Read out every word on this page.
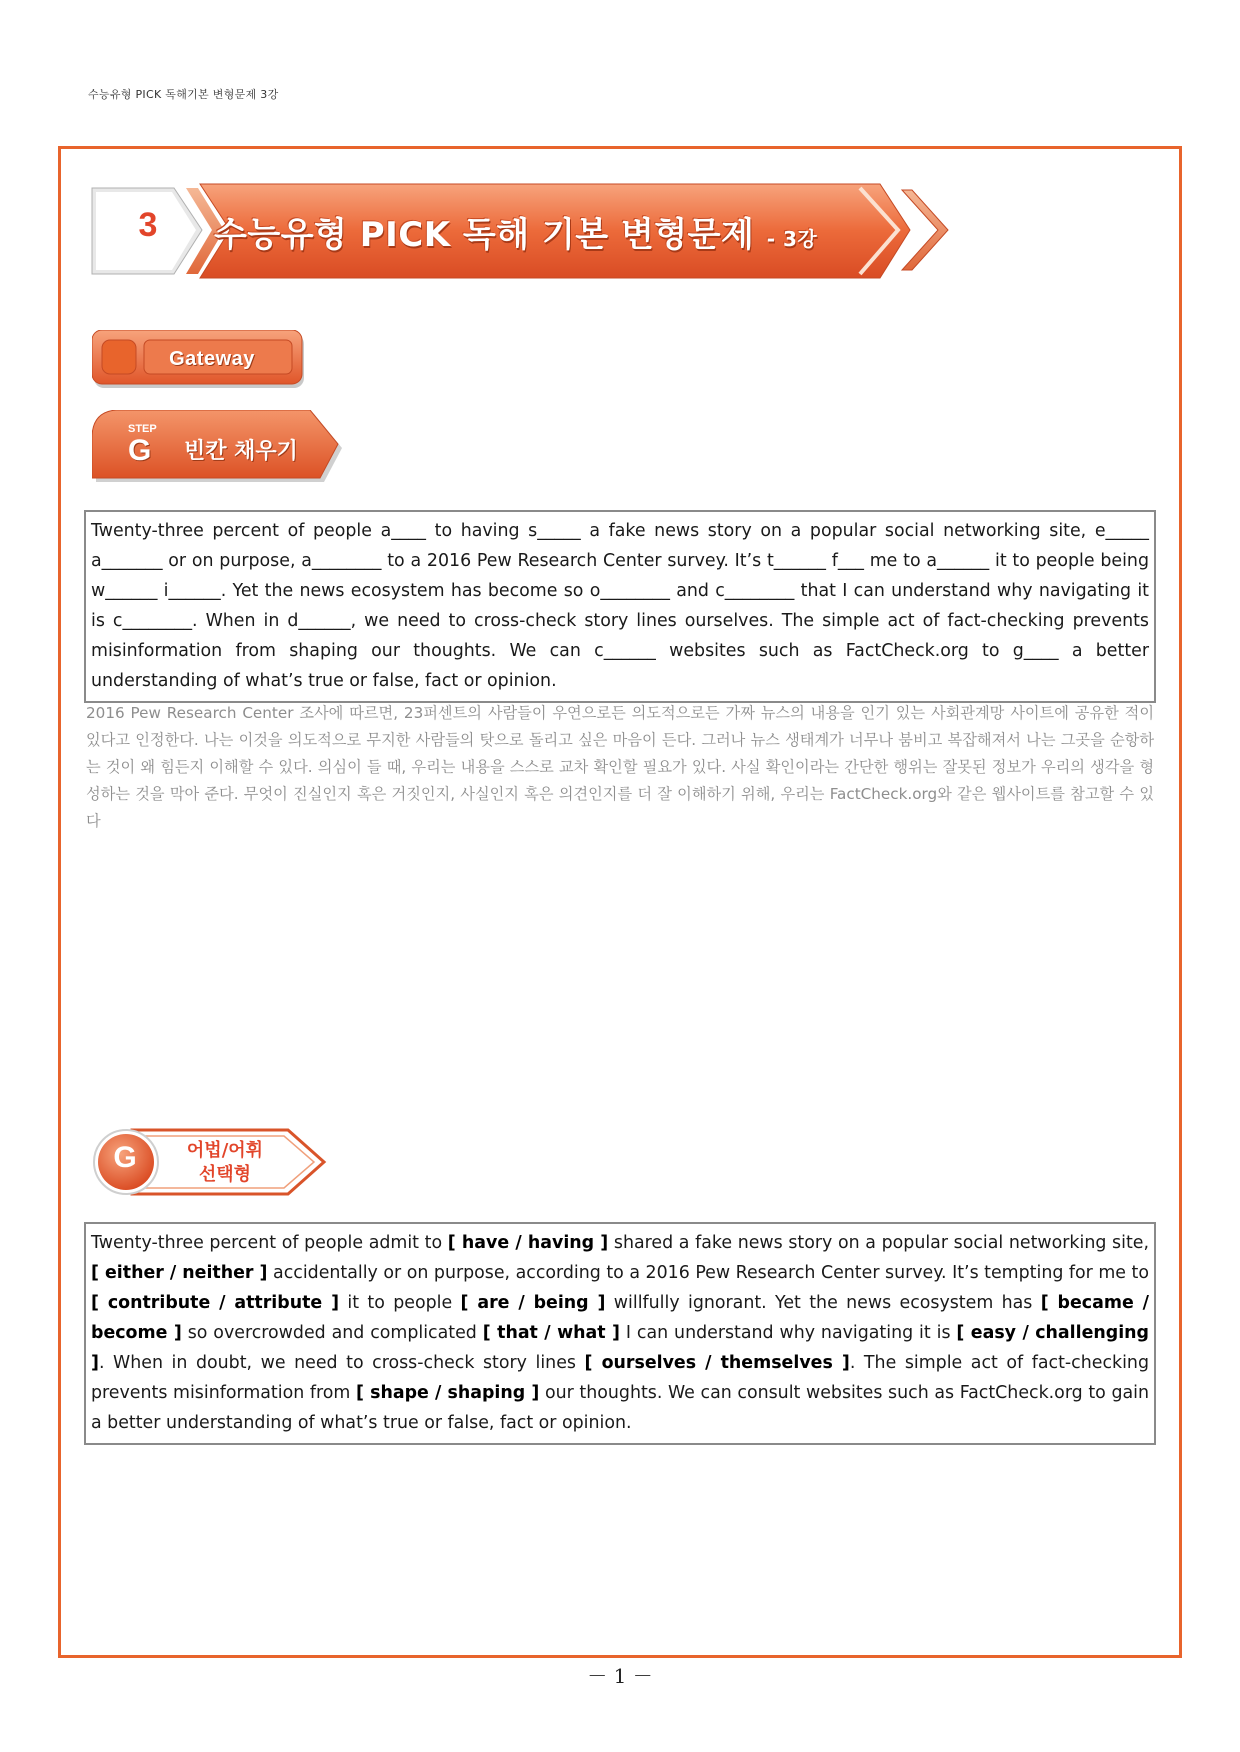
수능유형 PICK 독해기본 변형문제 3강
3	수능유형 PICK 독해 기본 변형문제 - 3강
Gateway
STEP
G 빈칸 채우기
Twenty-three percent of people a____ to having s_____ a fake news story on a popular social networking site, e_____ a_______ or on purpose, a________ to a 2016 Pew Research Center survey. It’s t______ f___ me to a______ it to people being w______ i______. Yet the news ecosystem has become so o________ and c________ that I can understand why navigating it is c________. When in d______, we need to cross-check story lines ourselves. The simple act of fact-checking prevents misinformation from shaping our thoughts. We can c______ websites such as FactCheck.org to g____ a better understanding of what’s true or false, fact or opinion.
2016 Pew Research Center 조사에 따르면, 23퍼센트의 사람들이 우연으로든 의도적으로든 가짜 뉴스의 내용을 인기 있는 사회관계망 사이트에 공유한 적이 있다고 인정한다. 나는 이것을 의도적으로 무지한 사람들의 탓으로 돌리고 싶은 마음이 든다. 그러나 뉴스 생태계가 너무나 붐비고 복잡해져서 나는 그곳을 순항하는 것이 왜 힘든지 이해할 수 있다. 의심이 들 때, 우리는 내용을 스스로 교차 확인할 필요가 있다. 사실 확인이라는 간단한 행위는 잘못된 정보가 우리의 생각을 형성하는 것을 막아 준다. 무엇이 진실인지 혹은 거짓인지, 사실인지 혹은 의견인지를 더 잘 이해하기 위해, 우리는 FactCheck.org와 같은 웹사이트를 참고할 수 있다
G	어법/어휘
선택형
Twenty-three percent of people admit to [ have / having ] shared a fake news story on a popular social networking site, [ either / neither ] accidentally or on purpose, according to a 2016 Pew Research Center survey. It’s tempting for me to [ contribute / attribute ] it to people [ are / being ] willfully ignorant. Yet the news ecosystem has [ became / become ] so overcrowded and complicated [ that / what ] I can understand why navigating it is [ easy / challenging ]. When in doubt, we need to cross-check story lines [ ourselves / themselves ]. The simple act of fact-checking prevents misinformation from [ shape / shaping ] our thoughts. We can consult websites such as FactCheck.org to gain a better understanding of what’s true or false, fact or opinion.
－ 1 －
